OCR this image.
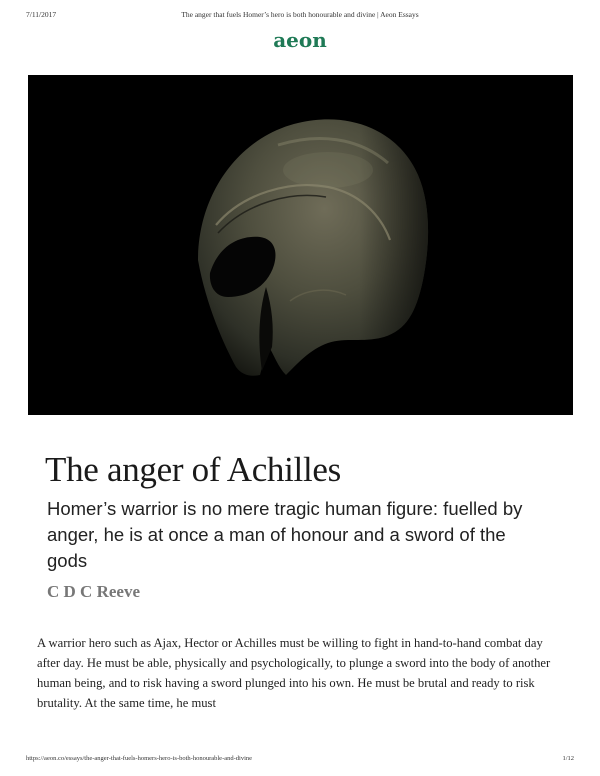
7/11/2017	The anger that fuels Homer’s hero is both honourable and divine | Aeon Essays
aeon
The anger of Achilles

Homer’s warrior is no mere tragic human figure: fuelled by anger, he is at once a man of honour and a sword of the gods

C D C Reeve

A warrior hero such as Ajax, Hector or Achilles must be willing to fight in hand-to-hand combat day after day. He must be able, physically and psychologically, to plunge a sword into the body of another human being, and to risk having a sword plunged into his own. He must be brutal and ready to risk brutality. At the same time, he must

https://aeon.co/essays/the-anger-that-fuels-homers-hero-is-both-honourable-and-divine	1/12
